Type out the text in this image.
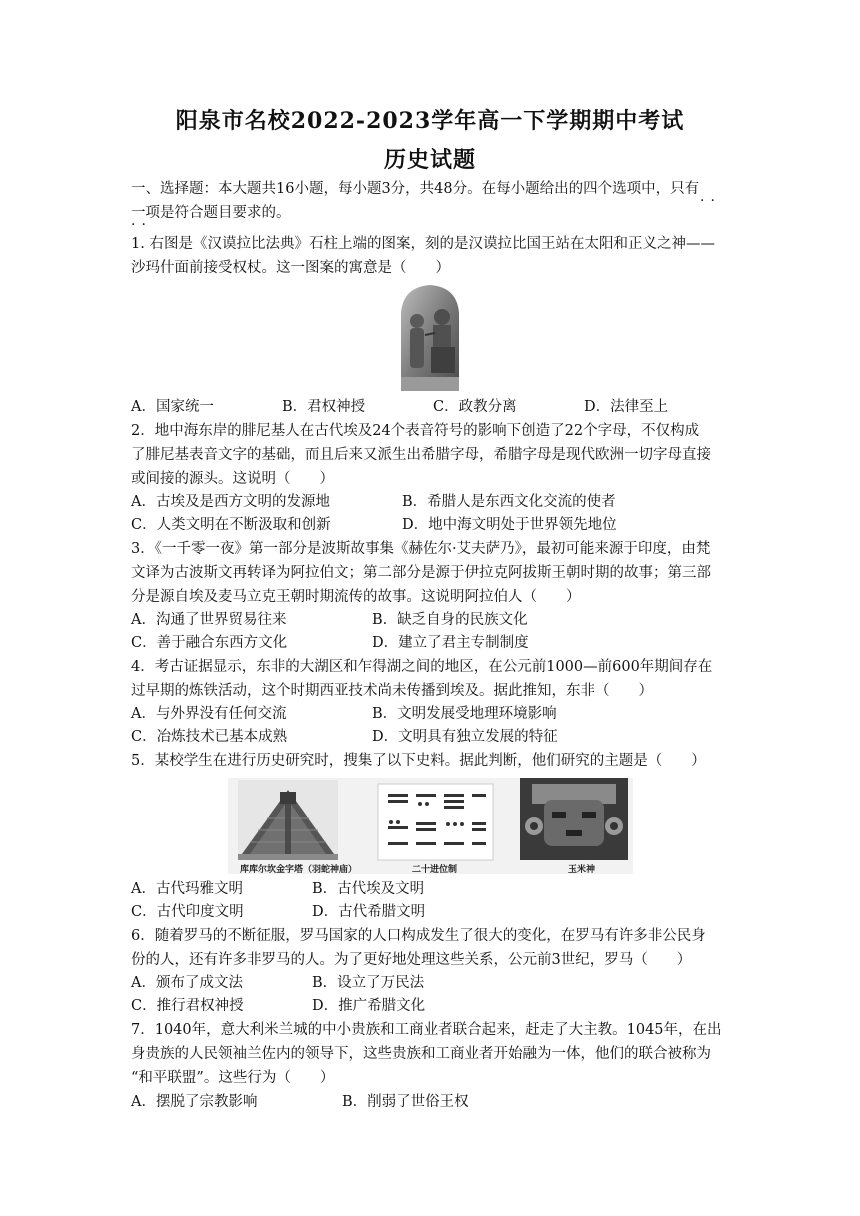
阳泉市名校2022-2023学年高一下学期期中考试
历史试题
一、选择题：本大题共16小题，每小题3分，共48分。在每小题给出的四个选项中，只有
··
一项是符合题目要求的。
··
1. 右图是《汉谟拉比法典》石柱上端的图案，刻的是汉谟拉比国王站在太阳和正义之神——
沙玛什面前接受权杖。这一图案的寓意是（　　）
A．国家统一	B．君权神授	C．政教分离	D．法律至上
2．地中海东岸的腓尼基人在古代埃及24个表音符号的影响下创造了22个字母，不仅构成
了腓尼基表音文字的基础，而且后来又派生出希腊字母，希腊字母是现代欧洲一切字母直接
或间接的源头。这说明（　　）
A．古埃及是西方文明的发源地	B．希腊人是东西文化交流的使者
C．人类文明在不断汲取和创新	D．地中海文明处于世界领先地位
3．《一千零一夜》第一部分是波斯故事集《赫佐尔·艾夫萨乃》，最初可能来源于印度，由梵
文译为古波斯文再转译为阿拉伯文；第二部分是源于伊拉克阿拔斯王朝时期的故事；第三部
分是源自埃及麦马立克王朝时期流传的故事。这说明阿拉伯人（　　）
A．沟通了世界贸易往来	B．缺乏自身的民族文化
C．善于融合东西方文化	D．建立了君主专制制度
4．考古证据显示，东非的大湖区和乍得湖之间的地区，在公元前1000—前600年期间存在
过早期的炼铁活动，这个时期西亚技术尚未传播到埃及。据此推知，东非（　　）
A．与外界没有任何交流	B．文明发展受地理环境影响
C．冶炼技术已基本成熟	D．文明具有独立发展的特征
5．某校学生在进行历史研究时，搜集了以下史料。据此判断，他们研究的主题是（　　）
库库尔坎金字塔（羽蛇神庙）	二十进位制	玉米神
A．古代玛雅文明	B．古代埃及文明
C．古代印度文明	D．古代希腊文明
6．随着罗马的不断征服，罗马国家的人口构成发生了很大的变化，在罗马有许多非公民身
份的人，还有许多非罗马的人。为了更好地处理这些关系，公元前3世纪，罗马（　　）
A．颁布了成文法	B．设立了万民法
C．推行君权神授	D．推广希腊文化
7．1040年，意大利米兰城的中小贵族和工商业者联合起来，赶走了大主教。1045年，在出
身贵族的人民领袖兰佐内的领导下，这些贵族和工商业者开始融为一体，他们的联合被称为
“和平联盟”。这些行为（　　）
A．摆脱了宗教影响	B．削弱了世俗王权
